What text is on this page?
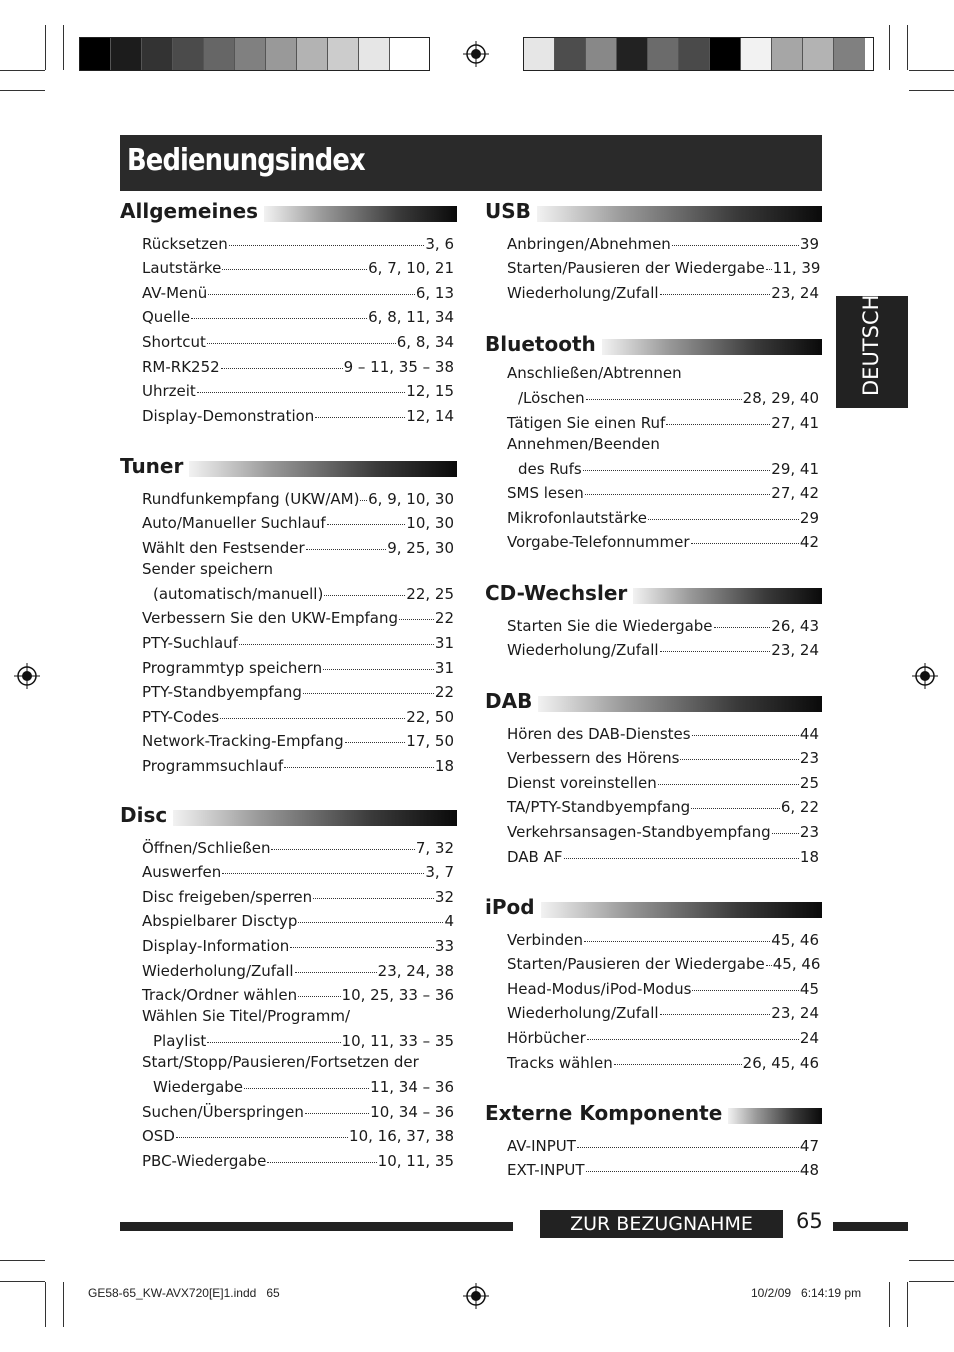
Bedienungsindex
DEUTSCH
Allgemeines
Rücksetzen	3, 6
Lautstärke	6, 7, 10, 21
AV-Menü	6, 13
Quelle	6, 8, 11, 34
Shortcut	6, 8, 34
RM-RK252	9 – 11, 35 – 38
Uhrzeit	12, 15
Display-Demonstration	12, 14
Tuner
Rundfunkempfang (UKW/AM) 6, 9, 10, 30
Auto/Manueller Suchlauf	10, 30
Wählt den Festsender	9, 25, 30
Sender speichern
(automatisch/manuell)	22, 25
Verbessern Sie den UKW-Empfang 22
PTY-Suchlauf	31
Programmtyp speichern	31
PTY-Standbyempfang	22
PTY-Codes	22, 50
Network-Tracking-Empfang	17, 50
Programmsuchlauf	18
Disc
Öffnen/Schließen	7, 32
Auswerfen	3, 7
Disc freigeben/sperren	32
Abspielbarer Disctyp	4
Display-Information	33
Wiederholung/Zufall	23, 24, 38
Track/Ordner wählen	10, 25, 33 – 36
Wählen Sie Titel/Programm/
Playlist	10, 11, 33 – 35
Start/Stopp/Pausieren/Fortsetzen der
Wiedergabe	11, 34 – 36
Suchen/Überspringen	10, 34 – 36
OSD	10, 16, 37, 38
PBC-Wiedergabe	10, 11, 35
USB
Anbringen/Abnehmen	39
Starten/Pausieren der Wiedergabe 11, 39
Wiederholung/Zufall	23, 24
Bluetooth
Anschließen/Abtrennen
/Löschen	28, 29, 40
Tätigen Sie einen Ruf	27, 41
Annehmen/Beenden
des Rufs	29, 41
SMS lesen	27, 42
Mikrofonlautstärke	29
Vorgabe-Telefonnummer	42
CD-Wechsler
Starten Sie die Wiedergabe	26, 43
Wiederholung/Zufall	23, 24
DAB
Hören des DAB-Dienstes	44
Verbessern des Hörens	23
Dienst voreinstellen	25
TA/PTY-Standbyempfang	6, 22
Verkehrsansagen-Standbyempfang 23
DAB AF	18
iPod
Verbinden	45, 46
Starten/Pausieren der Wiedergabe 45, 46
Head-Modus/iPod-Modus	45
Wiederholung/Zufall	23, 24
Hörbücher	24
Tracks wählen	26, 45, 46
Externe Komponente
AV-INPUT	47
EXT-INPUT	48
ZUR BEZUGNAHME	65
GE58-65_KW-AVX720[E]1.indd   65	10/2/09   6:14:19 pm
